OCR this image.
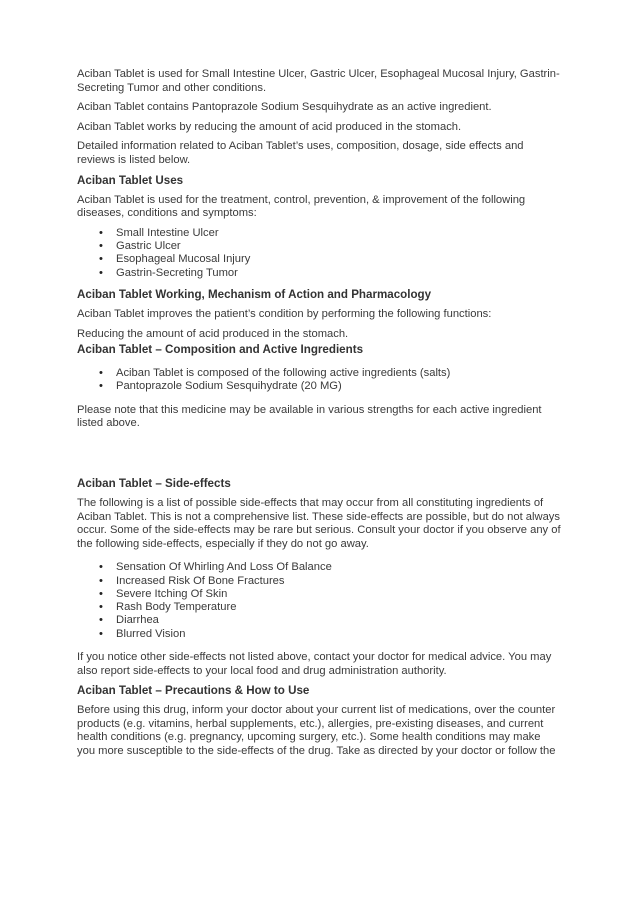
Aciban Tablet is used for Small Intestine Ulcer, Gastric Ulcer, Esophageal Mucosal Injury, Gastrin-Secreting Tumor and other conditions.

Aciban Tablet contains Pantoprazole Sodium Sesquihydrate as an active ingredient.

Aciban Tablet works by reducing the amount of acid produced in the stomach.

Detailed information related to Aciban Tablet’s uses, composition, dosage, side effects and reviews is listed below.

Aciban Tablet Uses

Aciban Tablet is used for the treatment, control, prevention, & improvement of the following diseases, conditions and symptoms:

• Small Intestine Ulcer
• Gastric Ulcer
• Esophageal Mucosal Injury
• Gastrin-Secreting Tumor
Aciban Tablet Working, Mechanism of Action and Pharmacology

Aciban Tablet improves the patient’s condition by performing the following functions:

Reducing the amount of acid produced in the stomach.

Aciban Tablet – Composition and Active Ingredients
• Aciban Tablet is composed of the following active ingredients (salts)
• Pantoprazole Sodium Sesquihydrate (20 MG)

Please note that this medicine may be available in various strengths for each active ingredient listed above.

Aciban Tablet – Side-effects

The following is a list of possible side-effects that may occur from all constituting ingredients of Aciban Tablet. This is not a comprehensive list. These side-effects are possible, but do not always occur. Some of the side-effects may be rare but serious. Consult your doctor if you observe any of the following side-effects, especially if they do not go away.

• Sensation Of Whirling And Loss Of Balance
• Increased Risk Of Bone Fractures
• Severe Itching Of Skin
• Rash Body Temperature
• Diarrhea
• Blurred Vision

If you notice other side-effects not listed above, contact your doctor for medical advice. You may also report side-effects to your local food and drug administration authority.

Aciban Tablet – Precautions & How to Use

Before using this drug, inform your doctor about your current list of medications, over the counter products (e.g. vitamins, herbal supplements, etc.), allergies, pre-existing diseases, and current health conditions (e.g. pregnancy, upcoming surgery, etc.). Some health conditions may make you more susceptible to the side-effects of the drug. Take as directed by your doctor or follow the
